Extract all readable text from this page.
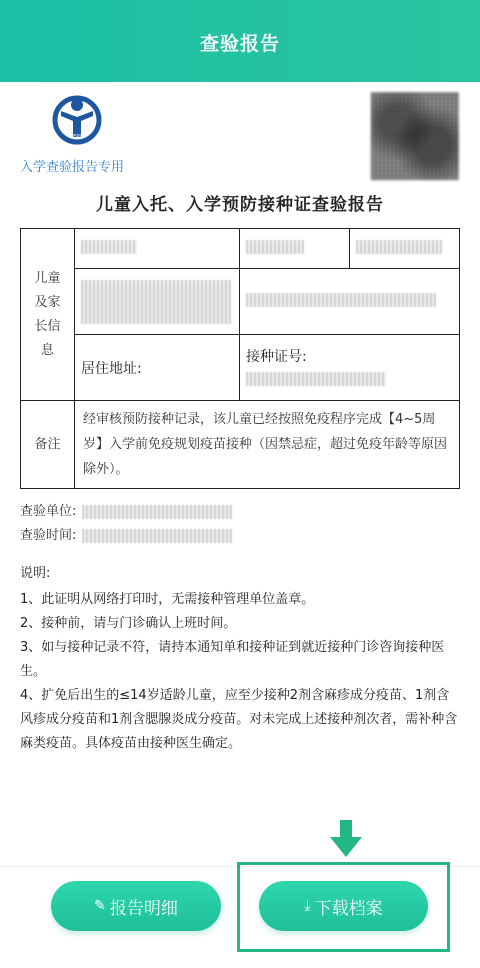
查验报告
EPI
入学查验报告专用
儿童入托、入学预防接种证查验报告
儿童及家长信息			

	居住地址:	接种证号:	

备注	经审核预防接种记录，该儿童已经按照免疫程序完成【4~5周岁】入学前免疫规划疫苗接种（因禁忌症，超过免疫年龄等原因除外）。		
查验单位:
查验时间:

说明:

1、此证明从网络打印时，无需接种管理单位盖章。

2、接种前，请与门诊确认上班时间。

3、如与接种记录不符，请持本通知单和接种证到就近接种门诊咨询接种医生。

4、扩免后出生的≤14岁适龄儿童，应至少接种2剂含麻疹成分疫苗、1剂含风疹成分疫苗和1剂含腮腺炎成分疫苗。对未完成上述接种剂次者，需补种含麻类疫苗。具体疫苗由接种医生确定。

✎ 报告明细	⤓ 下载档案
